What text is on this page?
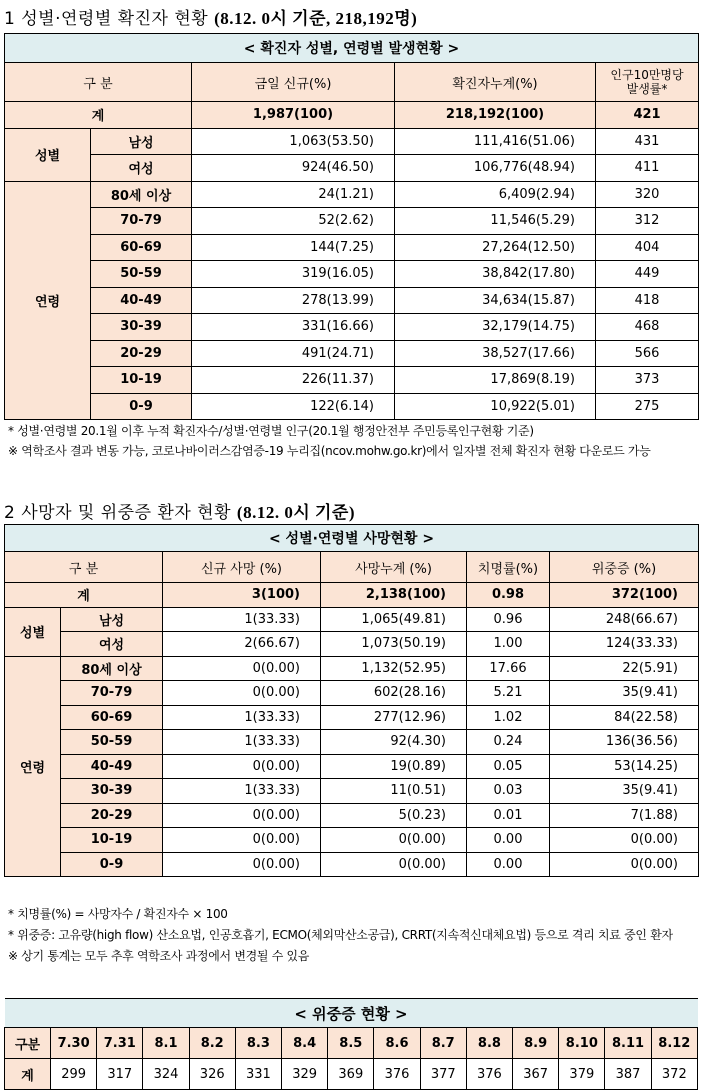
1 성별·연령별 확진자 현황 (8.12. 0시 기준, 218,192명)
< 확진자 성별, 연령별 발생현황 >				
구 분		금일 신규(%)	확진자누계(%)	인구10만명당
발생률*

계		1,987(100)	218,192(100)	421
성별	남성	1,063(53.50)	111,416(51.06)	431
	여성	924(46.50)	106,776(48.94)	411
연령	80세 이상	24(1.21)	6,409(2.94)	320
	70-79	52(2.62)	11,546(5.29)	312
	60-69	144(7.25)	27,264(12.50)	404
	50-59	319(16.05)	38,842(17.80)	449
	40-49	278(13.99)	34,634(15.87)	418
	30-39	331(16.66)	32,179(14.75)	468
	20-29	491(24.71)	38,527(17.66)	566
	10-19	226(11.37)	17,869(8.19)	373
	0-9	122(6.14)	10,922(5.01)	275
* 성별·연령별 20.1월 이후 누적 확진자수/성별·연령별 인구(20.1월 행정안전부 주민등록인구현황 기준)
※ 역학조사 결과 변동 가능, 코로나바이러스감염증-19 누리집(ncov.mohw.go.kr)에서 일자별 전체 확진자 현황 다운로드 가능
2 사망자 및 위중증 환자 현황 (8.12. 0시 기준)
< 성별·연령별 사망현황 >					
구 분		신규 사망 (%)	사망누계 (%)	치명률(%)	위중증 (%)
계		3(100)	2,138(100)	0.98	372(100)
성별	남성	1(33.33)	1,065(49.81)	0.96	248(66.67)
	여성	2(66.67)	1,073(50.19)	1.00	124(33.33)
연령	80세 이상	0(0.00)	1,132(52.95)	17.66	22(5.91)
	70-79	0(0.00)	602(28.16)	5.21	35(9.41)
	60-69	1(33.33)	277(12.96)	1.02	84(22.58)
	50-59	1(33.33)	92(4.30)	0.24	136(36.56)
	40-49	0(0.00)	19(0.89)	0.05	53(14.25)
	30-39	1(33.33)	11(0.51)	0.03	35(9.41)
	20-29	0(0.00)	5(0.23)	0.01	7(1.88)
	10-19	0(0.00)	0(0.00)	0.00	0(0.00)
	0-9	0(0.00)	0(0.00)	0.00	0(0.00)
* 치명률(%) = 사망자수 / 확진자수 × 100
* 위중증: 고유량(high flow) 산소요법, 인공호흡기, ECMO(체외막산소공급), CRRT(지속적신대체요법) 등으로 격리 치료 중인 환자
※ 상기 통계는 모두 추후 역학조사 과정에서 변경될 수 있음
< 위중증 현황 >														
구분	7.30	7.31	8.1	8.2	8.3	8.4	8.5	8.6	8.7	8.8	8.9	8.10	8.11	8.12
계	299	317	324	326	331	329	369	376	377	376	367	379	387	372
